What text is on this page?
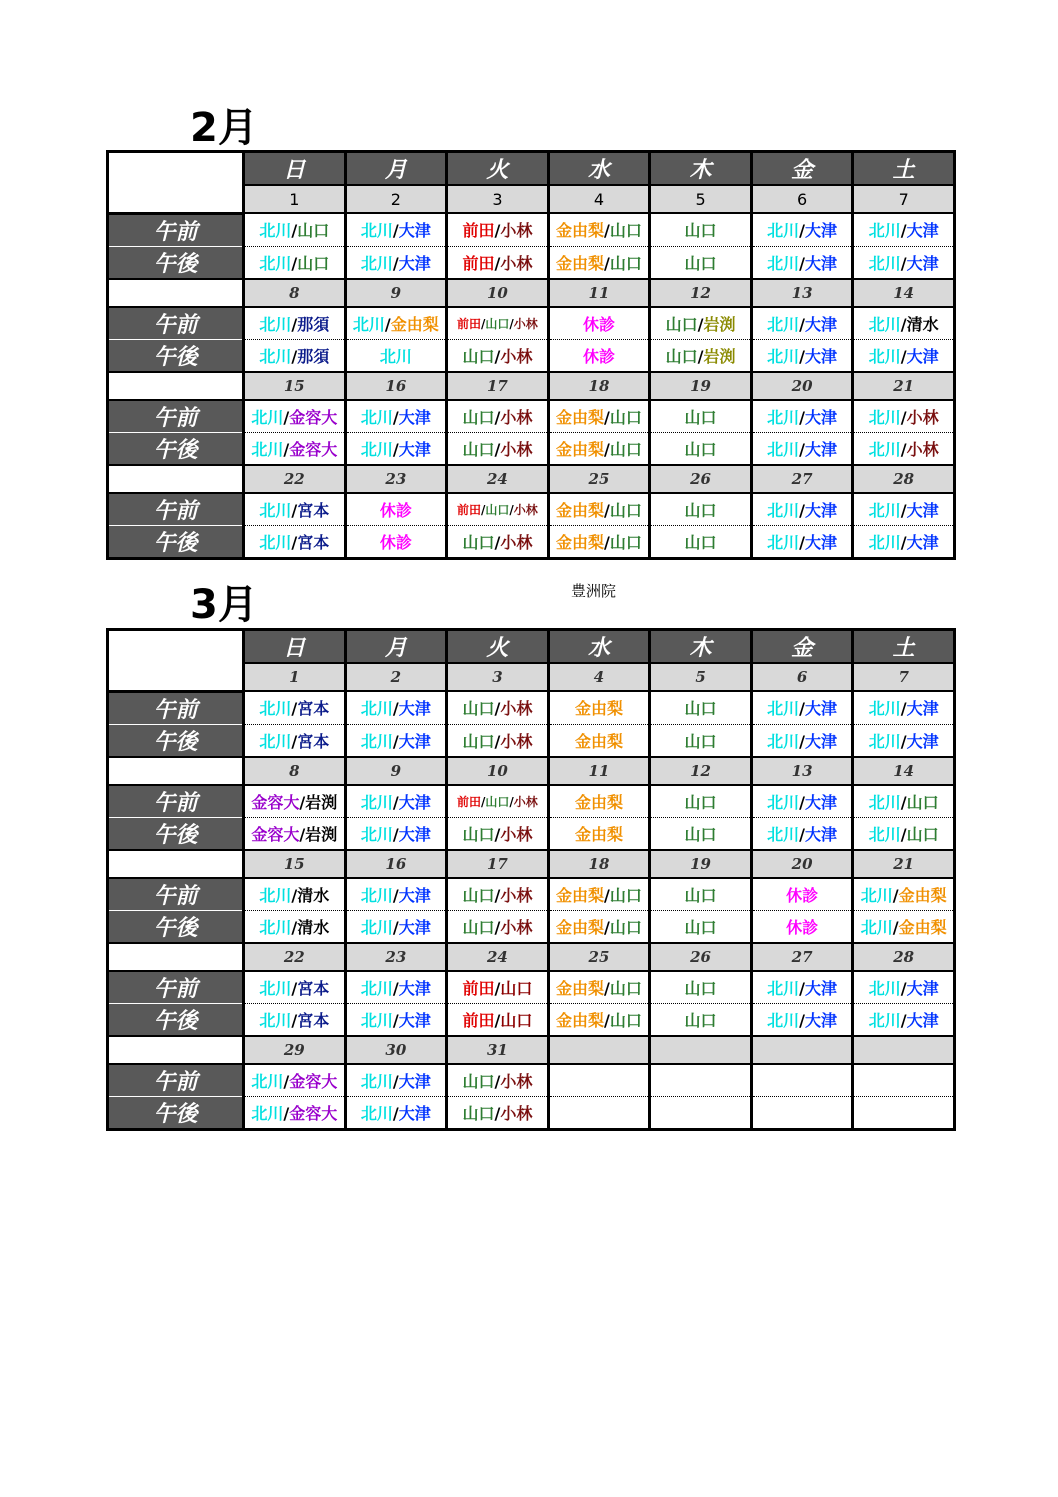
2月
	日	月	火	水	木	金	土
	1	2	3	4	5	6	7
午前	北川/山口	北川/大津	前田/小林	金由梨/山口	山口	北川/大津	北川/大津
午後	北川/山口	北川/大津	前田/小林	金由梨/山口	山口	北川/大津	北川/大津
	8	9	10	11	12	13	14
午前	北川/那須	北川/金由梨	前田/山口/小林	休診	山口/岩渕	北川/大津	北川/清水
午後	北川/那須	北川	山口/小林	休診	山口/岩渕	北川/大津	北川/大津
	15	16	17	18	19	20	21
午前	北川/金容大	北川/大津	山口/小林	金由梨/山口	山口	北川/大津	北川/小林
午後	北川/金容大	北川/大津	山口/小林	金由梨/山口	山口	北川/大津	北川/小林
	22	23	24	25	26	27	28
午前	北川/宮本	休診	前田/山口/小林	金由梨/山口	山口	北川/大津	北川/大津
午後	北川/宮本	休診	山口/小林	金由梨/山口	山口	北川/大津	北川/大津
3月	豊洲院
	日	月	火	水	木	金	土
	1	2	3	4	5	6	7
午前	北川/宮本	北川/大津	山口/小林	金由梨	山口	北川/大津	北川/大津
午後	北川/宮本	北川/大津	山口/小林	金由梨	山口	北川/大津	北川/大津
	8	9	10	11	12	13	14
午前	金容大/岩渕	北川/大津	前田/山口/小林	金由梨	山口	北川/大津	北川/山口
午後	金容大/岩渕	北川/大津	山口/小林	金由梨	山口	北川/大津	北川/山口
	15	16	17	18	19	20	21
午前	北川/清水	北川/大津	山口/小林	金由梨/山口	山口	休診	北川/金由梨
午後	北川/清水	北川/大津	山口/小林	金由梨/山口	山口	休診	北川/金由梨
	22	23	24	25	26	27	28
午前	北川/宮本	北川/大津	前田/山口	金由梨/山口	山口	北川/大津	北川/大津
午後	北川/宮本	北川/大津	前田/山口	金由梨/山口	山口	北川/大津	北川/大津
	29	30	31				
午前	北川/金容大	北川/大津	山口/小林				
午後	北川/金容大	北川/大津	山口/小林				
